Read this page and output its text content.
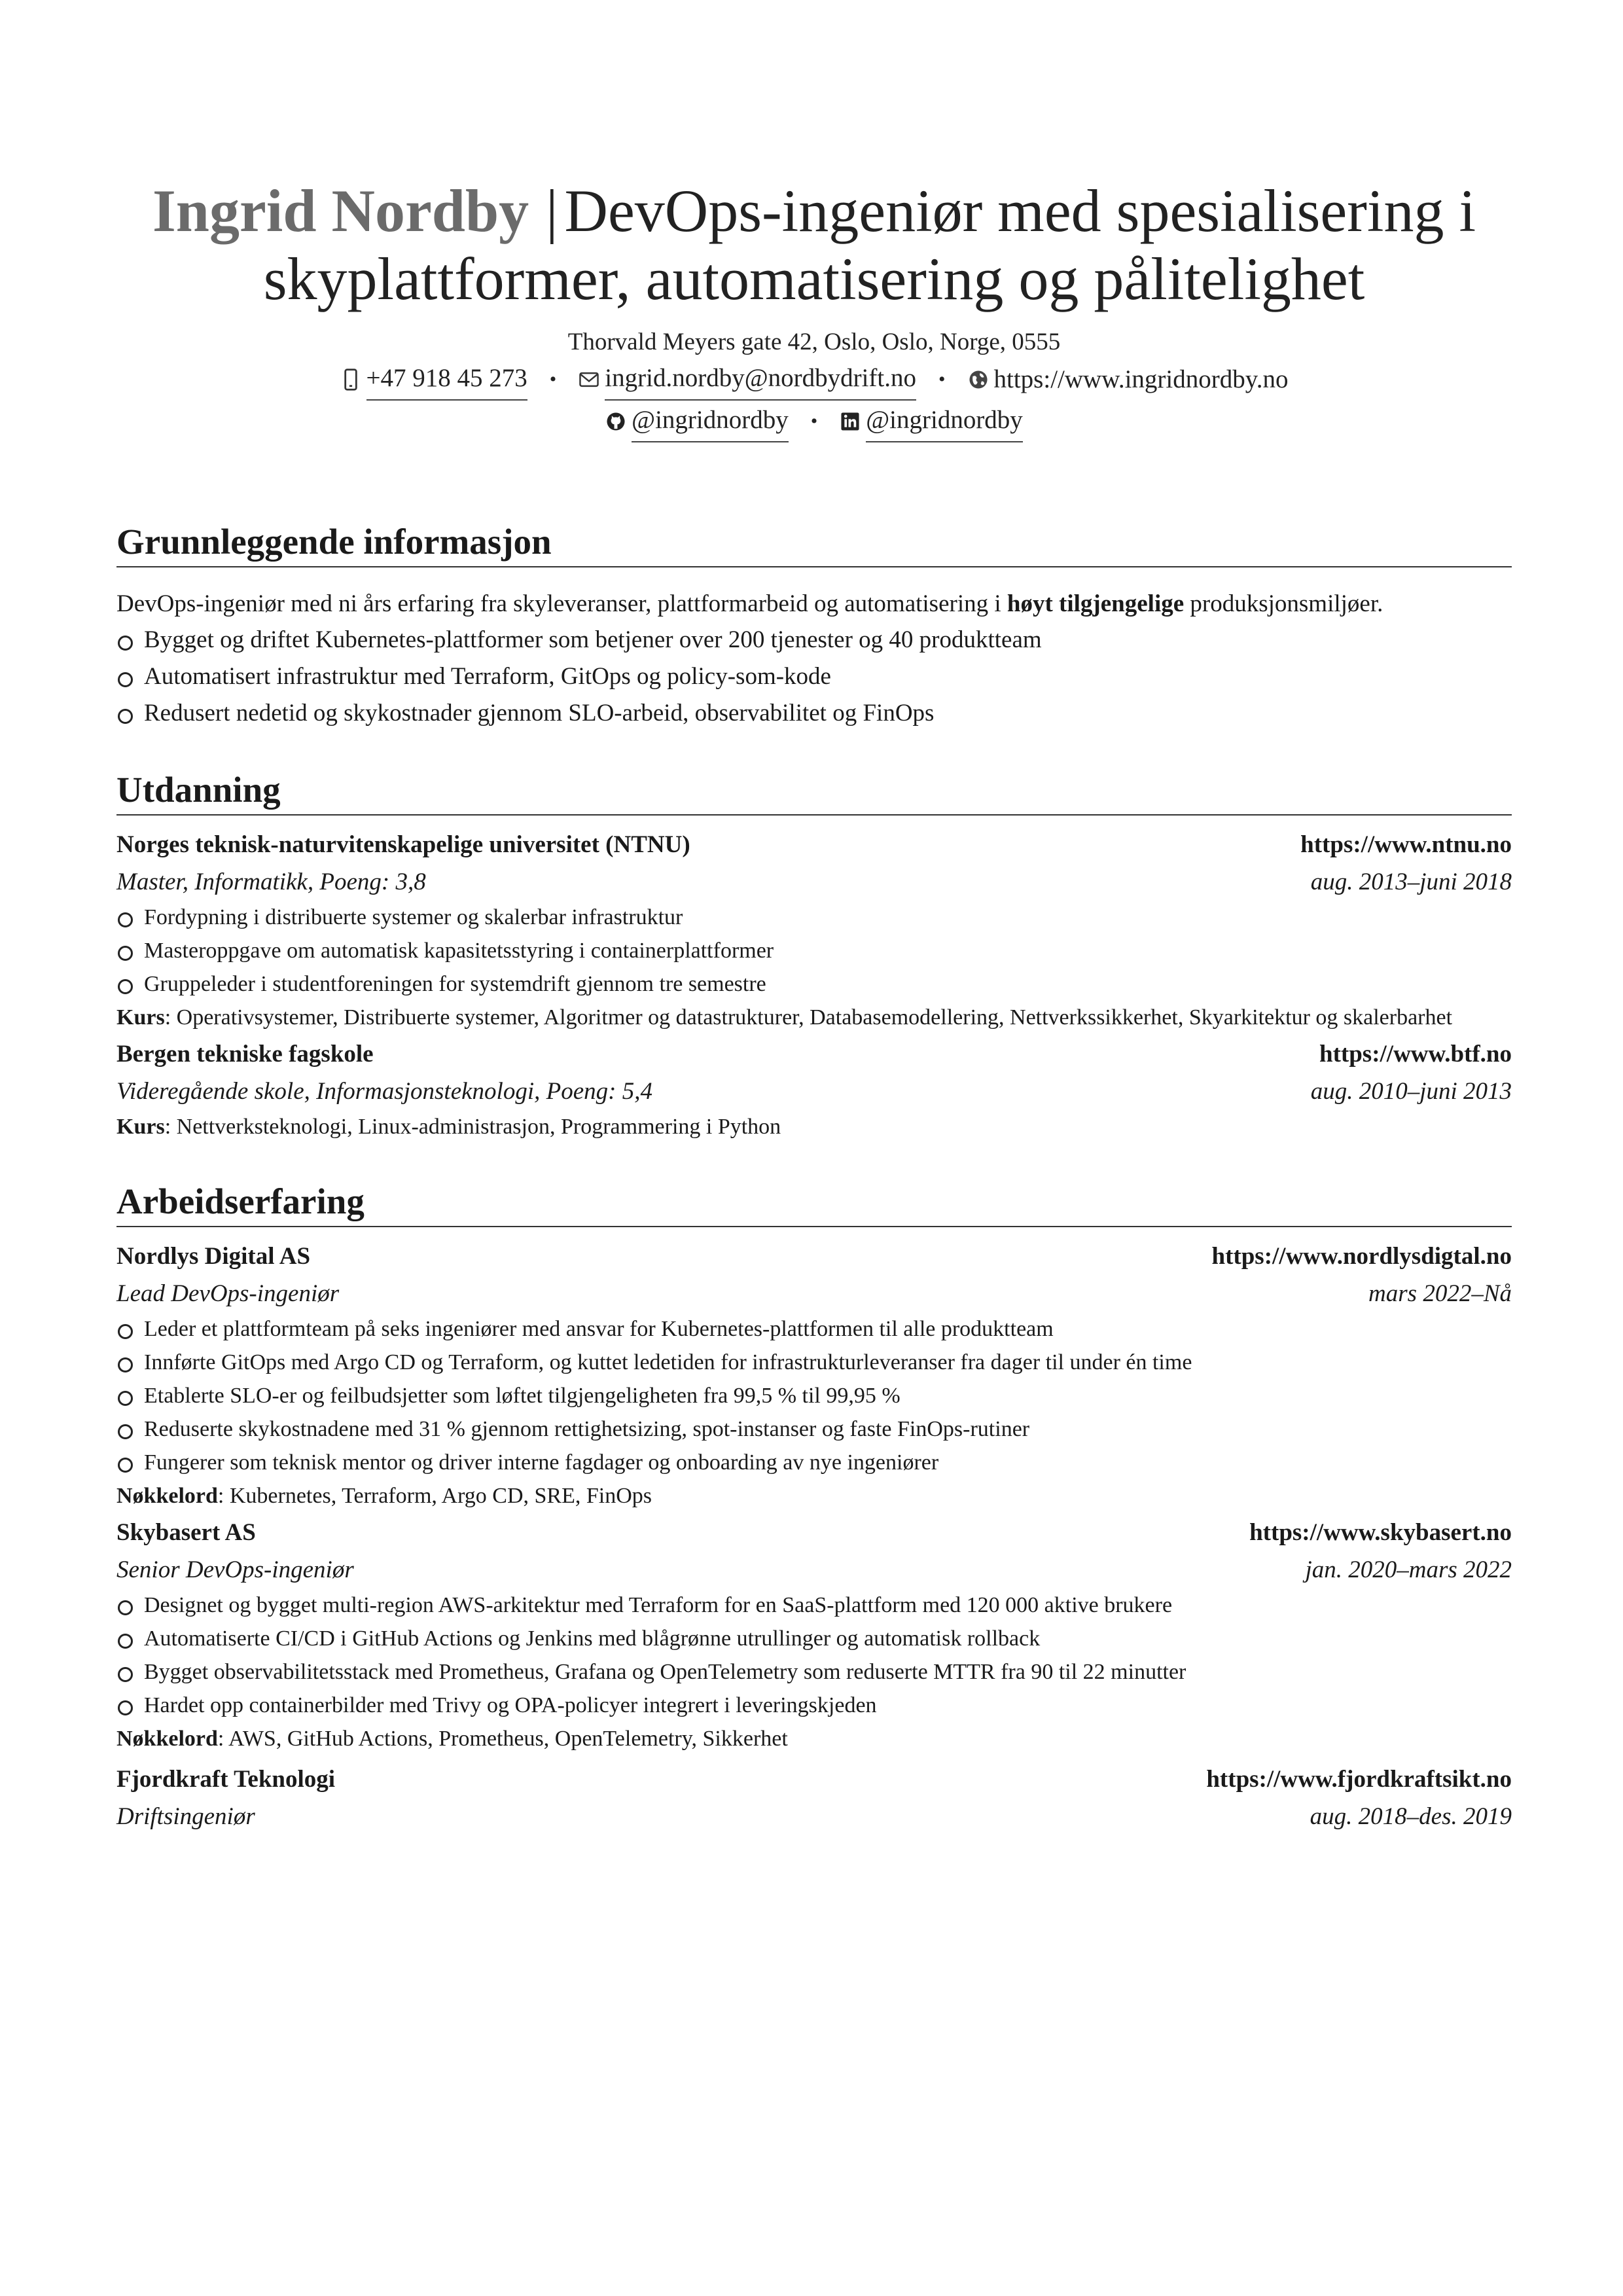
Ingrid Nordby | DevOps-ingeniør med spesialisering i skyplattformer, automatisering og pålitelighet
Thorvald Meyers gate 42, Oslo, Oslo, Norge, 0555
+47 918 45 273 • ingrid.nordby@nordbydrift.no • https://www.ingridnordby.no
@ingridnordby • @ingridnordby
Grunnleggende informasjon
DevOps-ingeniør med ni års erfaring fra skyleveranser, plattformarbeid og automatisering i høyt tilgjengelige produksjonsmiljøer.
Bygget og driftet Kubernetes-plattformer som betjener over 200 tjenester og 40 produktteam
Automatisert infrastruktur med Terraform, GitOps og policy-som-kode
Redusert nedetid og skykostnader gjennom SLO-arbeid, observabilitet og FinOps
Utdanning
Norges teknisk-naturvitenskapelige universitet (NTNU)	https://www.ntnu.no
Master, Informatikk, Poeng: 3,8	aug. 2013–juni 2018
Fordypning i distribuerte systemer og skalerbar infrastruktur
Masteroppgave om automatisk kapasitetsstyring i containerplattformer
Gruppeleder i studentforeningen for systemdrift gjennom tre semestre
Kurs: Operativsystemer, Distribuerte systemer, Algoritmer og datastrukturer, Databasemodellering, Nettverkssikkerhet, Skyarkitektur og skalerbarhet
Bergen tekniske fagskole	https://www.btf.no
Videregående skole, Informasjonsteknologi, Poeng: 5,4	aug. 2010–juni 2013
Kurs: Nettverksteknologi, Linux-administrasjon, Programmering i Python
Arbeidserfaring
Nordlys Digital AS	https://www.nordlysdigtal.no
Lead DevOps-ingeniør	mars 2022–Nå
Leder et plattformteam på seks ingeniører med ansvar for Kubernetes-plattformen til alle produktteam
Innførte GitOps med Argo CD og Terraform, og kuttet ledetiden for infrastrukturleveranser fra dager til under én time
Etablerte SLO-er og feilbudsjetter som løftet tilgjengeligheten fra 99,5 % til 99,95 %
Reduserte skykostnadene med 31 % gjennom rettighetsizing, spot-instanser og faste FinOps-rutiner
Fungerer som teknisk mentor og driver interne fagdager og onboarding av nye ingeniører
Nøkkelord: Kubernetes, Terraform, Argo CD, SRE, FinOps
Skybasert AS	https://www.skybasert.no
Senior DevOps-ingeniør	jan. 2020–mars 2022
Designet og bygget multi-region AWS-arkitektur med Terraform for en SaaS-plattform med 120 000 aktive brukere
Automatiserte CI/CD i GitHub Actions og Jenkins med blågrønne utrullinger og automatisk rollback
Bygget observabilitetsstack med Prometheus, Grafana og OpenTelemetry som reduserte MTTR fra 90 til 22 minutter
Hardet opp containerbilder med Trivy og OPA-policyer integrert i leveringskjeden
Nøkkelord: AWS, GitHub Actions, Prometheus, OpenTelemetry, Sikkerhet
Fjordkraft Teknologi	https://www.fjordkraftsikt.no
Driftsingeniør	aug. 2018–des. 2019
